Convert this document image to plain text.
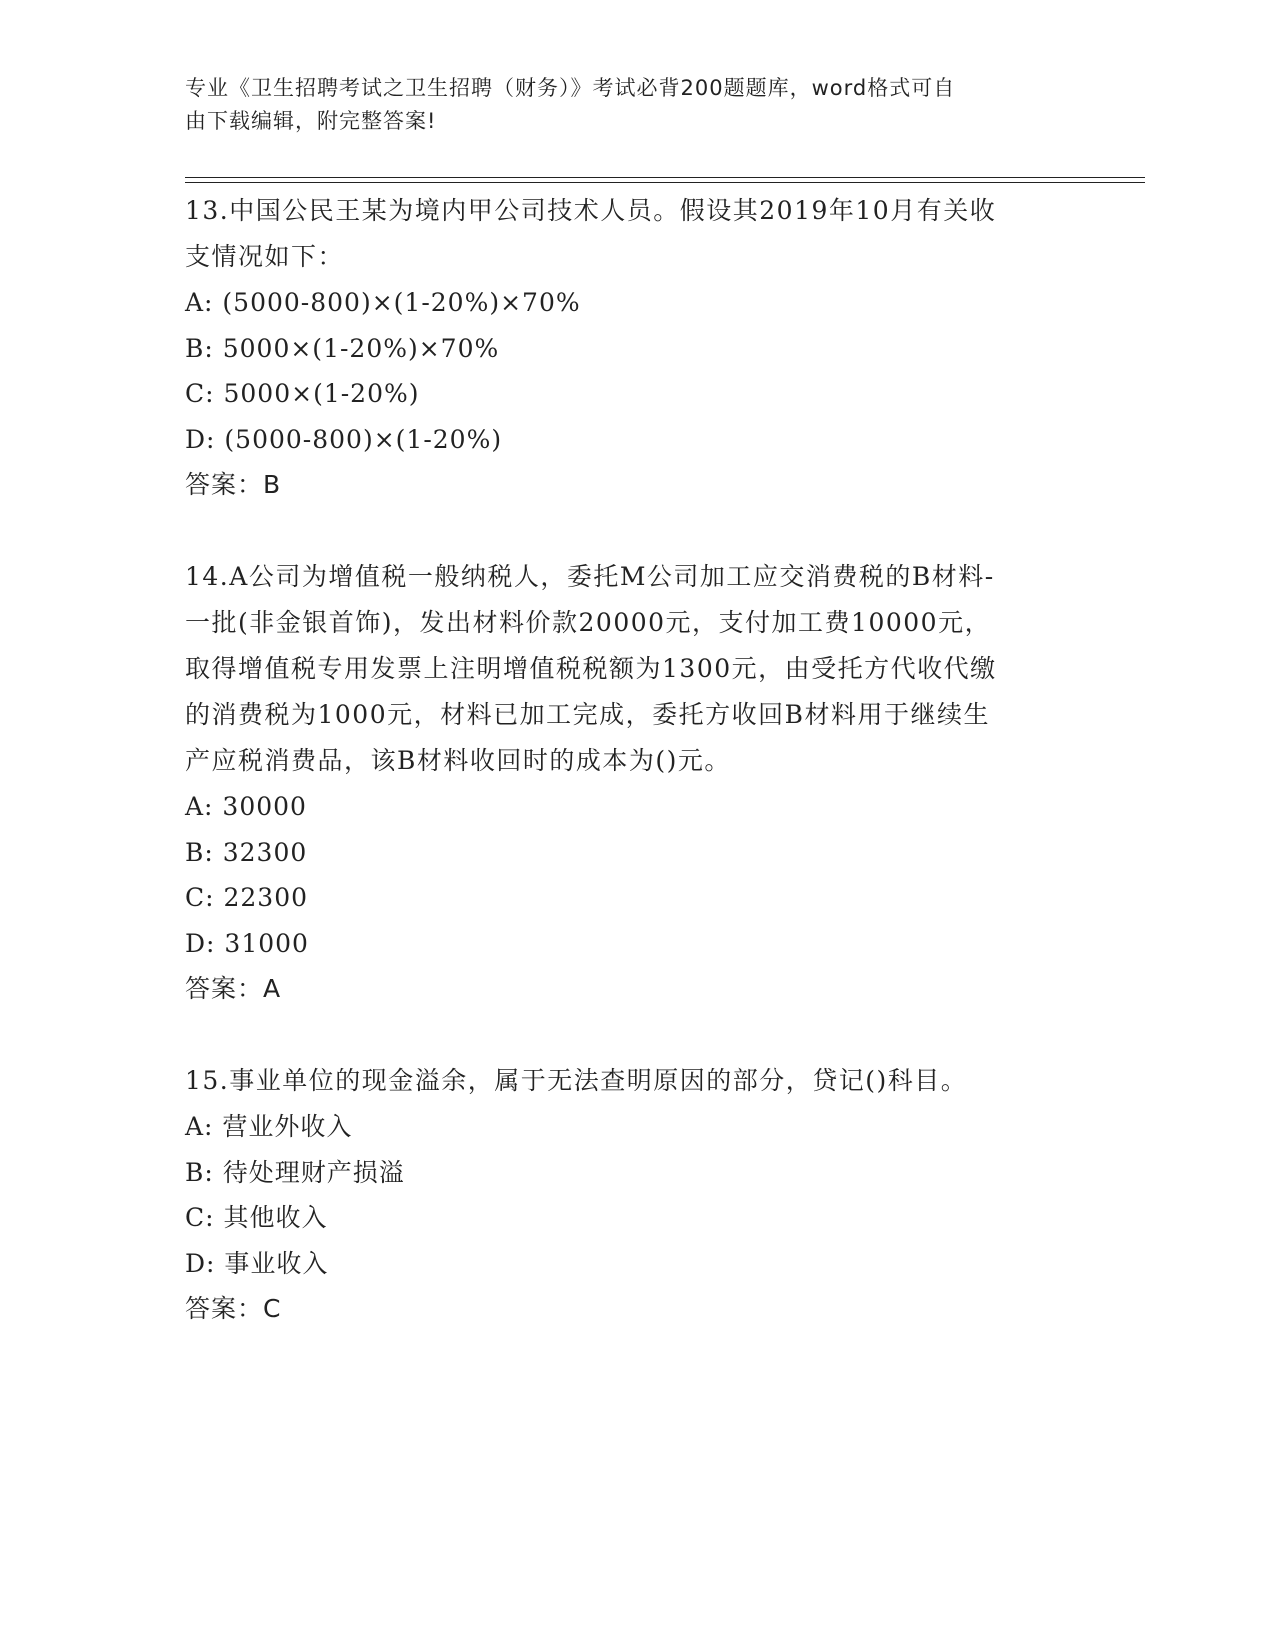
专业《卫生招聘考试之卫生招聘（财务）》考试必背200题题库，word格式可自
由下载编辑，附完整答案!

13.中国公民王某为境内甲公司技术人员。假设其2019年10月有关收

支情况如下：

A: (5000-800)×(1-20%)×70%

B: 5000×(1-20%)×70%

C: 5000×(1-20%)

D: (5000-800)×(1-20%)

答案：B

14.A公司为增值税一般纳税人，委托M公司加工应交消费税的B材料-

一批(非金银首饰)，发出材料价款20000元，支付加工费10000元，

取得增值税专用发票上注明增值税税额为1300元，由受托方代收代缴

的消费税为1000元，材料已加工完成，委托方收回B材料用于继续生

产应税消费品，该B材料收回时的成本为()元。

A: 30000

B: 32300

C: 22300

D: 31000

答案：A

15.事业单位的现金溢余，属于无法查明原因的部分，贷记()科目。

A: 营业外收入

B: 待处理财产损溢

C: 其他收入

D: 事业收入

答案：C
